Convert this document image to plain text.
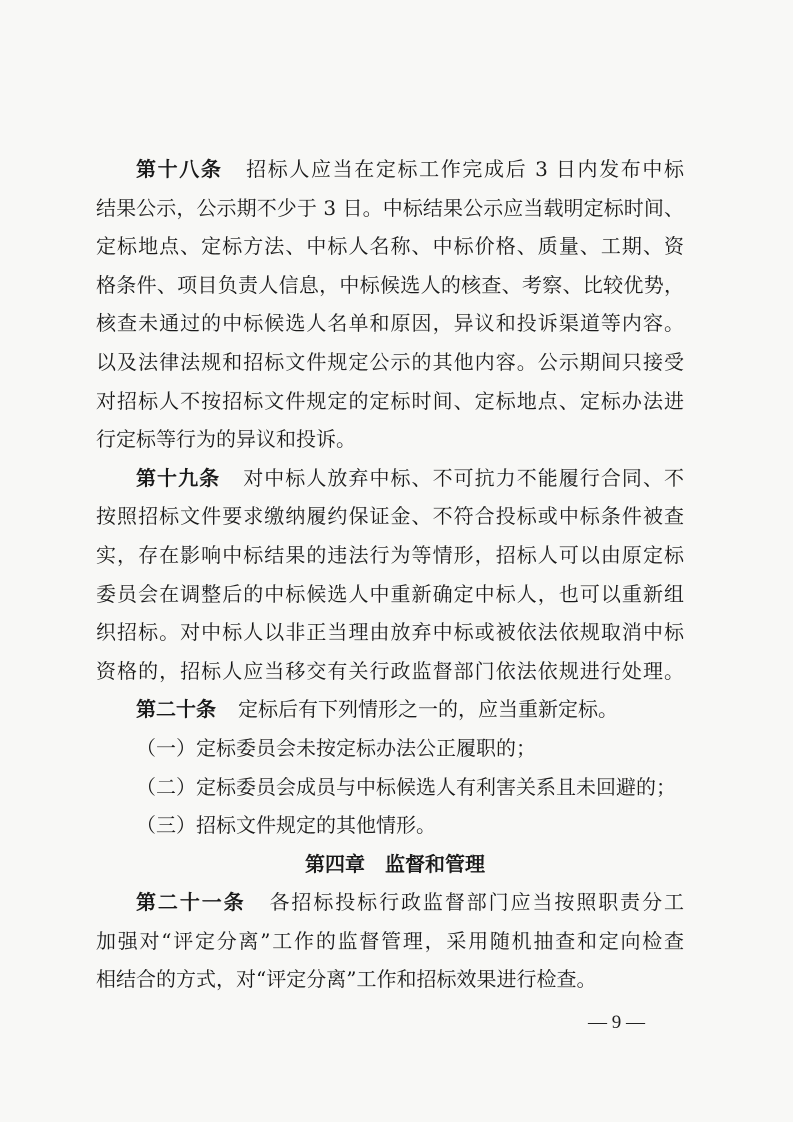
第十八条 招标人应当在定标工作完成后 3 日内发布中标
结果公示，公示期不少于 3 日。中标结果公示应当载明定标时间、
定标地点、定标方法、中标人名称、中标价格、质量、工期、资
格条件、项目负责人信息，中标候选人的核查、考察、比较优势，
核查未通过的中标候选人名单和原因，异议和投诉渠道等内容。
以及法律法规和招标文件规定公示的其他内容。公示期间只接受
对招标人不按招标文件规定的定标时间、定标地点、定标办法进
行定标等行为的异议和投诉。
第十九条 对中标人放弃中标、不可抗力不能履行合同、不
按照招标文件要求缴纳履约保证金、不符合投标或中标条件被查
实，存在影响中标结果的违法行为等情形，招标人可以由原定标
委员会在调整后的中标候选人中重新确定中标人，也可以重新组
织招标。对中标人以非正当理由放弃中标或被依法依规取消中标
资格的，招标人应当移交有关行政监督部门依法依规进行处理。
第二十条 定标后有下列情形之一的，应当重新定标。
（一）定标委员会未按定标办法公正履职的；
（二）定标委员会成员与中标候选人有利害关系且未回避的；
（三）招标文件规定的其他情形。
第四章　监督和管理
第二十一条 各招标投标行政监督部门应当按照职责分工
加强对“评定分离”工作的监督管理，采用随机抽查和定向检查
相结合的方式，对“评定分离”工作和招标效果进行检查。
— 9 —
